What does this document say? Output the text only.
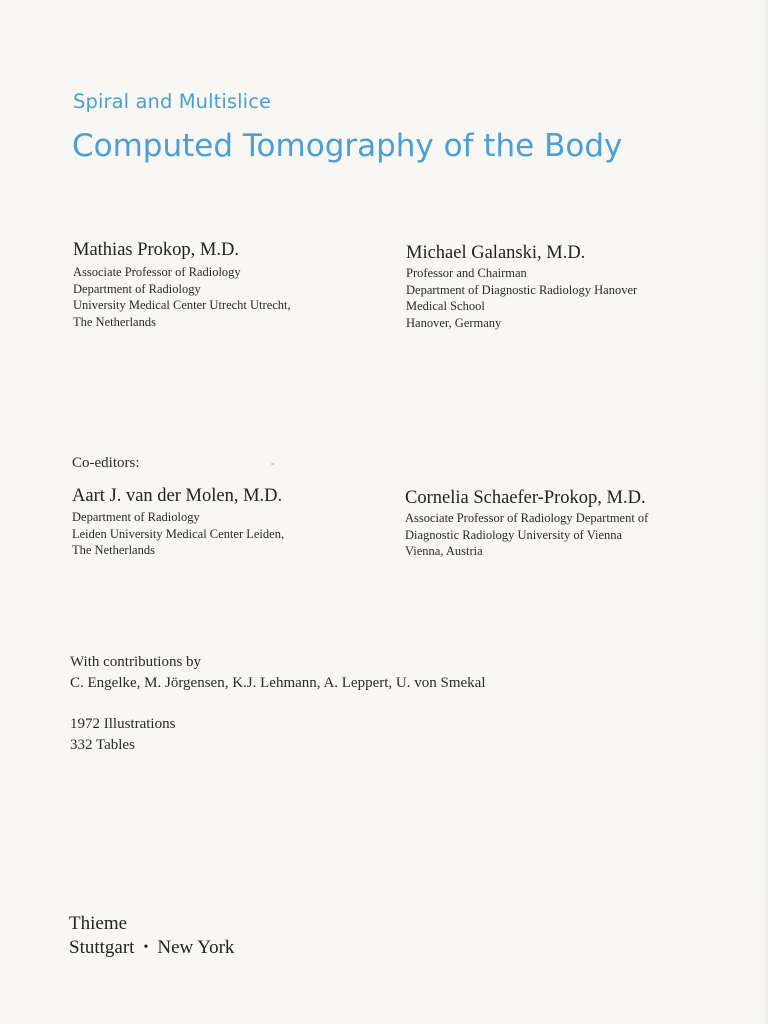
Spiral and Multislice
Computed Tomography of the Body
Mathias Prokop, M.D.
Associate Professor of Radiology
Department of Radiology
University Medical Center Utrecht Utrecht,
The Netherlands
Michael Galanski, M.D.
Professor and Chairman
Department of Diagnostic Radiology Hanover
Medical School
Hanover, Germany
Co-editors:
Aart J. van der Molen, M.D.
Department of Radiology
Leiden University Medical Center Leiden,
The Netherlands
Cornelia Schaefer-Prokop, M.D.
Associate Professor of Radiology Department of
Diagnostic Radiology University of Vienna
Vienna, Austria
With contributions by
C. Engelke, M. Jörgensen, K.J. Lehmann, A. Leppert, U. von Smekal
1972 Illustrations
332 Tables
Thieme
Stuttgart • New York
